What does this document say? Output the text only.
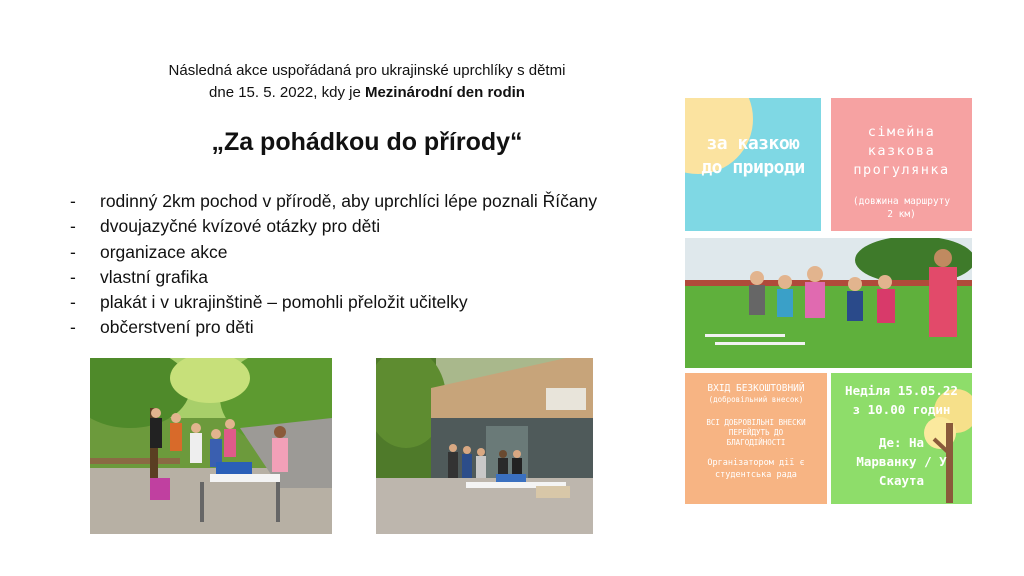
Následná akce uspořádaná pro ukrajinské uprchlíky s dětmi
dne 15. 5. 2022, kdy je Mezinárodní den rodin
„Za pohádkou do přírody“
- rodinný 2km pochod v přírodě, aby uprchlíci lépe poznali Říčany
- dvoujazyčné kvízové otázky pro děti
- organizace akce
- vlastní grafika
- plakát i v ukrajinštině – pomohli přeložit učitelky
- občerstvení pro děti
за казкою
до природи
сімейна
казкова
прогулянка
(довжина маршруту
2 км)
ВХІД БЕЗКОШТОВНИЙ
(добровільний внесок)
ВСІ ДОБРОВІЛЬНІ ВНЕСКИ
ПЕРЕЙДУТЬ ДО
БЛАГОДІЙНОСТІ
Організатором дії є
студентська рада
Неділя 15.05.22
з 10.00 годин
Де: На
Марванку / У
Скаута
